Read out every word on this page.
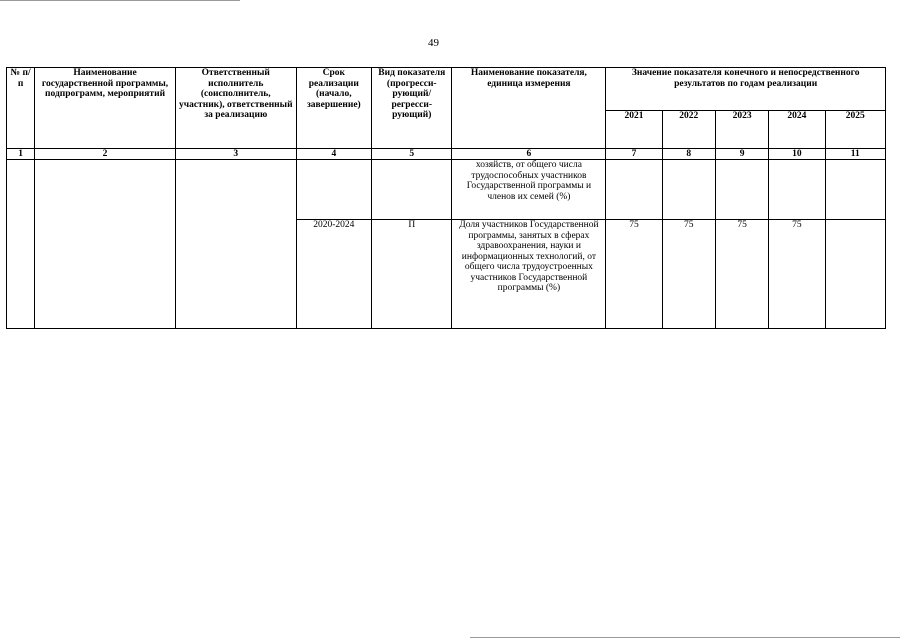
49
№ п/п	Наименование государственной программы, подпрограмм, мероприятий	Ответственный исполнитель (соисполнитель, участник), ответственный за реализацию	Срок реализации (начало, завершение)	Вид показателя (прогресси-рующий/ регресси-рующий)	Наименование показателя, единица измерения	Значение показателя конечного и непосредственного результатов по годам реализации				
						2021	2022	2023	2024	2025
1	2	3	4	5	6	7	8	9	10	11
					хозяйств, от общего числа трудоспособных участников Государственной программы и членов их семей (%)					
			2020-2024	П	Доля участников Государственной программы, занятых в сферах здравоохранения, науки и информационных технологий, от общего числа трудоустроенных участников Государственной программы (%)	75	75	75	75	
